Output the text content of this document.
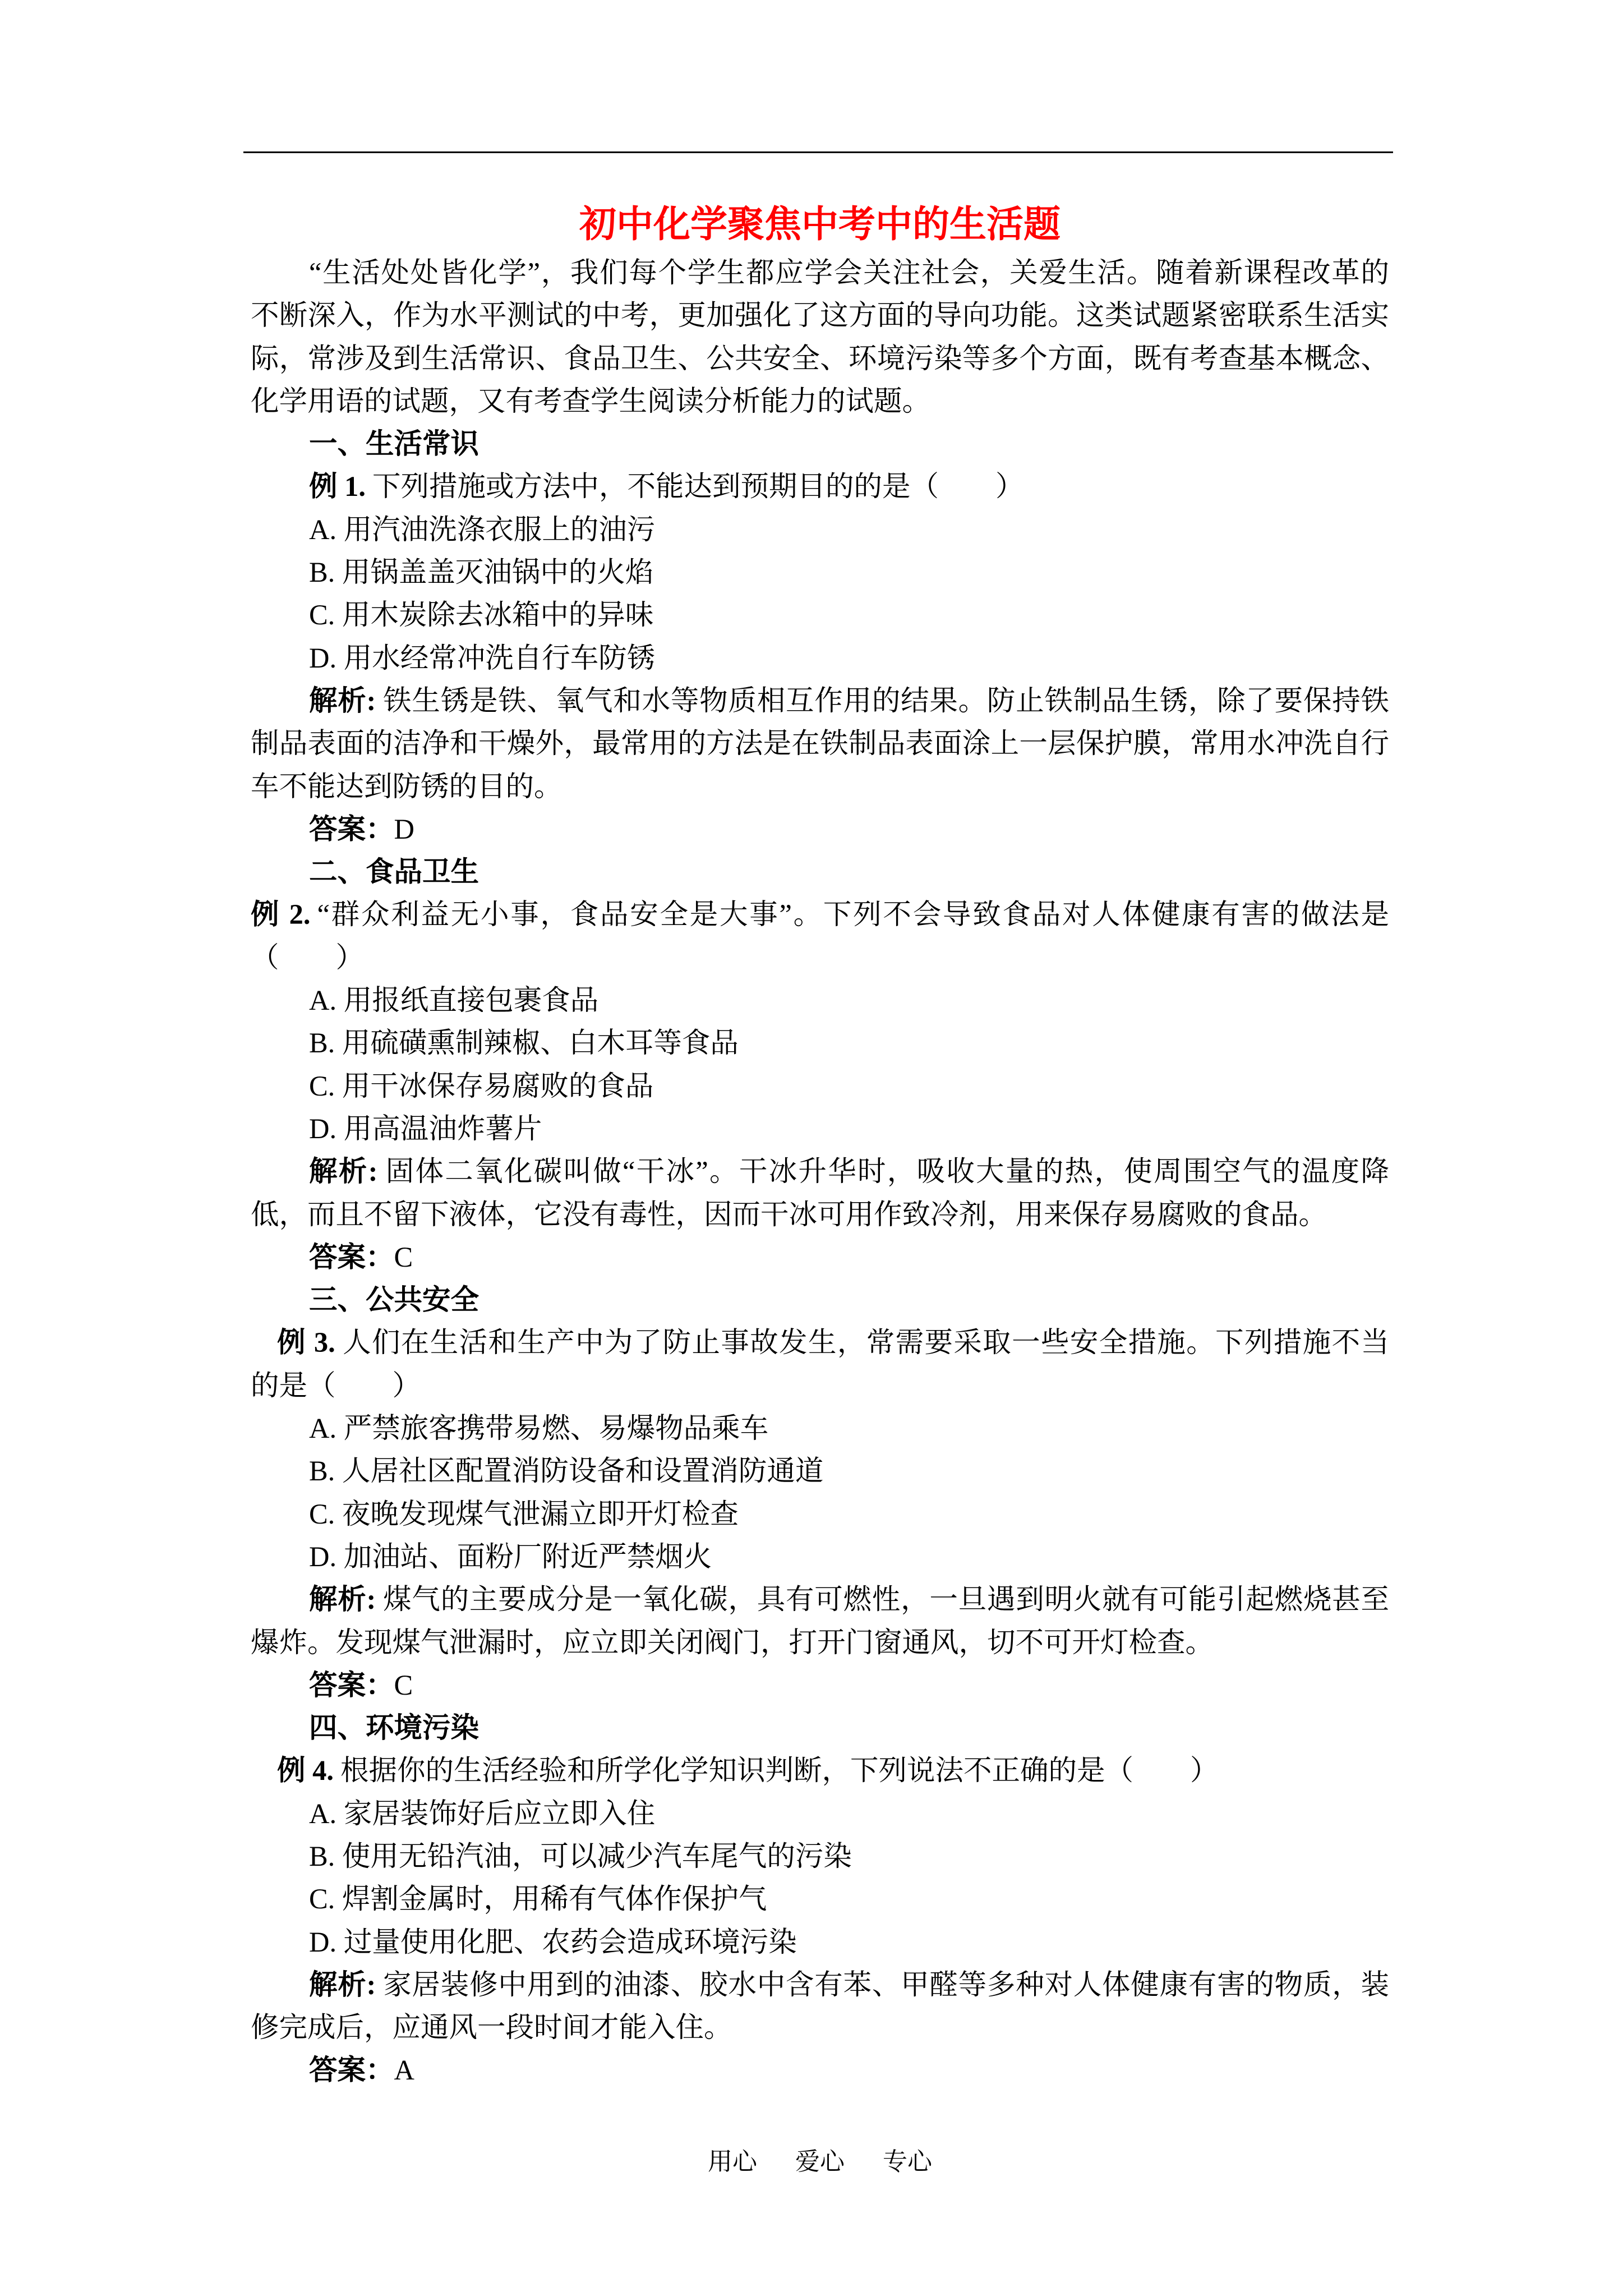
初中化学聚焦中考中的生活题
“生活处处皆化学”，我们每个学生都应学会关注社会，关爱生活。随着新课程改革的
不断深入，作为水平测试的中考，更加强化了这方面的导向功能。这类试题紧密联系生活实
际，常涉及到生活常识、食品卫生、公共安全、环境污染等多个方面，既有考查基本概念、
化学用语的试题，又有考查学生阅读分析能力的试题。
一、生活常识
例 1. 下列措施或方法中，不能达到预期目的的是（　　）
A. 用汽油洗涤衣服上的油污
B. 用锅盖盖灭油锅中的火焰
C. 用木炭除去冰箱中的异味
D. 用水经常冲洗自行车防锈
解析: 铁生锈是铁、氧气和水等物质相互作用的结果。防止铁制品生锈，除了要保持铁
制品表面的洁净和干燥外，最常用的方法是在铁制品表面涂上一层保护膜，常用水冲洗自行
车不能达到防锈的目的。
答案：D
二、食品卫生
例 2. “群众利益无小事，食品安全是大事”。下列不会导致食品对人体健康有害的做法是
（　　）
A. 用报纸直接包裹食品
B. 用硫磺熏制辣椒、白木耳等食品
C. 用干冰保存易腐败的食品
D. 用高温油炸薯片
解析: 固体二氧化碳叫做“干冰”。干冰升华时，吸收大量的热，使周围空气的温度降
低，而且不留下液体，它没有毒性，因而干冰可用作致冷剂，用来保存易腐败的食品。
答案：C
三、公共安全
例 3. 人们在生活和生产中为了防止事故发生，常需要采取一些安全措施。下列措施不当
的是（　　）
A. 严禁旅客携带易燃、易爆物品乘车
B. 人居社区配置消防设备和设置消防通道
C. 夜晚发现煤气泄漏立即开灯检查
D. 加油站、面粉厂附近严禁烟火
解析: 煤气的主要成分是一氧化碳，具有可燃性，一旦遇到明火就有可能引起燃烧甚至
爆炸。发现煤气泄漏时，应立即关闭阀门，打开门窗通风，切不可开灯检查。
答案：C
四、环境污染
例 4. 根据你的生活经验和所学化学知识判断，下列说法不正确的是（　　）
A. 家居装饰好后应立即入住
B. 使用无铅汽油，可以减少汽车尾气的污染
C. 焊割金属时，用稀有气体作保护气
D. 过量使用化肥、农药会造成环境污染
解析: 家居装修中用到的油漆、胶水中含有苯、甲醛等多种对人体健康有害的物质，装
修完成后，应通风一段时间才能入住。
答案：A
用心 爱心 专心
